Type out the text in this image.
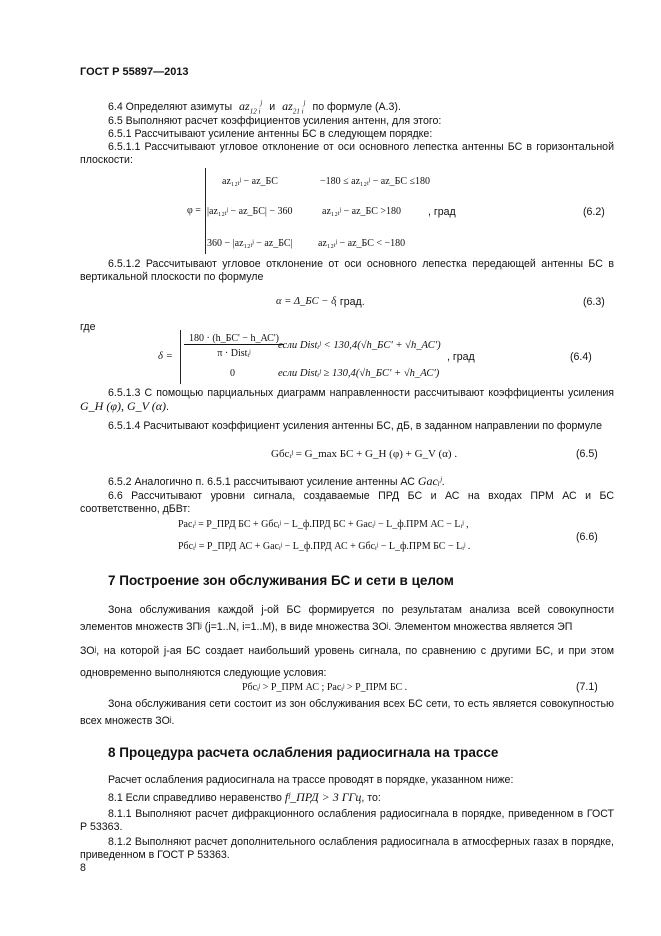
ГОСТ Р 55897—2013
6.4 Определяют азимуты $az_{12 i}^j$ и $az_{21 i}^j$ по формуле (А.3).
6.5 Выполняют расчет коэффициентов усиления антенн, для этого:
6.5.1 Рассчитывают усиление антенны БС в следующем порядке:
6.5.1.1 Рассчитывают угловое отклонение от оси основного лепестка антенны БС в горизонтальной плоскости:
φ =
az₁₂ᵢʲ − az_БС	−180 ≤ az₁₂ᵢʲ − az_БС ≤180
|az₁₂ᵢʲ − az_БС| − 360	az₁₂ᵢʲ − az_БС >180
360 − |az₁₂ᵢʲ − az_БС|	az₁₂ᵢʲ − az_БС < −180
, град	(6.2)
6.5.1.2 Рассчитывают угловое отклонение от оси основного лепестка передающей антенны БС в вертикальной плоскости по формуле
α = Δ_БС − δ
, град.	(6.3)
где
δ =
180 · (h_БС' − h_АС')
π · Distᵢʲ
если Distᵢʲ < 130,4(√h_БС' + √h_АС')
0	если Distᵢʲ ≥ 130,4(√h_БС' + √h_АС')
, град	(6.4)
6.5.1.3 С помощью парциальных диаграмм направленности рассчитывают коэффициенты усиления G_H (φ), G_V (α).
6.5.1.4 Расчитывают коэффициент усиления антенны БС, дБ, в заданном направлении по формуле
Gбсᵢʲ = G_max БС + G_H (φ) + G_V (α) .	(6.5)
6.5.2 Аналогично п. 6.5.1 рассчитывают усиление антенны АС Gacᵢʲ.
6.6 Рассчитывают уровни сигнала, создаваемые ПРД БС и АС на входах ПРМ АС и БС соответственно, дБВт:
Pacᵢʲ = P_ПРД БС + Gбсᵢʲ − L_ф.ПРД БС + Gacᵢʲ − L_ф.ПРМ АС − Lᵢʲ ,
Pбсᵢʲ = P_ПРД АС + Gacᵢʲ − L_ф.ПРД АС + Gбсᵢʲ − L_ф.ПРМ БС − Lᵢʲ .
(6.6)
7 Построение зон обслуживания БС и сети в целом
Зона обслуживания каждой j-ой БС формируется по результатам анализа всей совокупности элементов множеств ЗПʲ (j=1..N, i=1..M), в виде множества ЗОʲ. Элементом множества является ЭП
ЗОʲ, на которой j-ая БС создает наибольший уровень сигнала, по сравнению с другими БС, и при этом одновременно выполняются следующие условия:
Pбсᵢʲ > P_ПРМ АС ; Pacᵢʲ > P_ПРМ БС .	(7.1)
Зона обслуживания сети состоит из зон обслуживания всех БС сети, то есть является совокупностью всех множеств ЗОʲ.
8 Процедура расчета ослабления радиосигнала на трассе
Расчет ослабления радиосигнала на трассе проводят в порядке, указанном ниже:
8.1 Если справедливо неравенство fʲ_ПРД > 3 ГГц, то:
8.1.1 Выполняют расчет дифракционного ослабления радиосигнала в порядке, приведенном в ГОСТ Р 53363.
8.1.2 Выполняют расчет дополнительного ослабления радиосигнала в атмосферных газах в порядке, приведенном в ГОСТ Р 53363.
8
